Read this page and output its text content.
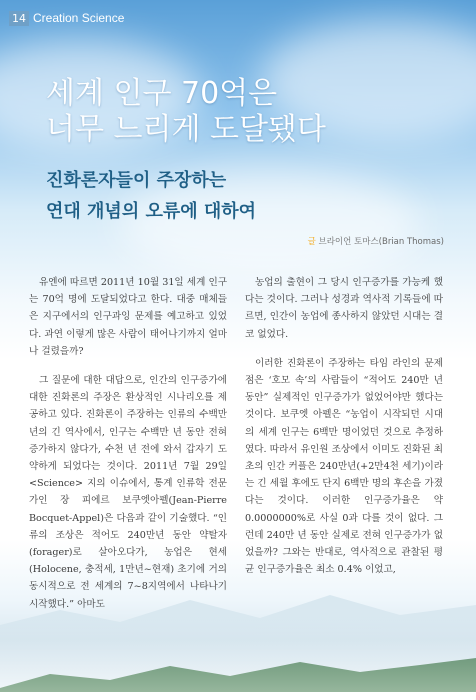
14 Creation Science
세계 인구 70억은
너무 느리게 도달됐다
진화론자들이 주장하는
연대 개념의 오류에 대하여
글 브라이언 토마스(Brian Thomas)

유엔에 따르면 2011년 10월 31일 세계 인구는 70억 명에 도달되었다고 한다. 대중 매체들은 지구에서의 인구과잉 문제를 예고하고 있었다. 과연 이렇게 많은 사람이 태어나기까지 얼마나 걸렸을까?

그 질문에 대한 대답으로, 인간의 인구증가에 대한 진화론의 주장은 환상적인 시나리오를 제공하고 있다. 진화론이 주장하는 인류의 수백만 년의 긴 역사에서, 인구는 수백만 년 동안 전혀 증가하지 않다가, 수천 년 전에 와서 갑자기 도약하게 되었다는 것이다. 2011년 7월 29일 <Science> 지의 이슈에서, 통계 인류학 전문가인 장 피에르 보쿠엣아펠(Jean-Pierre Bocquet-Appel)은 다음과 같이 기술했다. “인류의 조상은 적어도 240만년 동안 약탈자(forager)로 살아오다가, 농업은 현세(Holocene, 충적세, 1만년~현재) 초기에 거의 동시적으로 전 세계의 7~8지역에서 나타나기 시작했다.” 아마도

농업의 출현이 그 당시 인구증가를 가능케 했다는 것이다. 그러나 성경과 역사적 기록들에 따르면, 인간이 농업에 종사하지 않았던 시대는 결코 없었다.

이러한 진화론이 주장하는 타임 라인의 문제점은 ‘호모 속’의 사람들이 “적어도 240만 년 동안” 실제적인 인구증가가 없었어야만 했다는 것이다. 보쿠엣 아펠은 “농업이 시작되던 시대의 세계 인구는 6백만 명이었던 것으로 추정하였다. 따라서 유인원 조상에서 이미도 진화된 최초의 인간 커플은 240만년(+2만4천 세기)이라는 긴 세월 후에도 단지 6백만 명의 후손을 가졌다는 것이다. 이러한 인구증가율은 약 0.0000000%로 사실 0과 다를 것이 없다. 그런데 240만 년 동안 실제로 전혀 인구증가가 없었을까? 그와는 반대로, 역사적으로 관찰된 평균 인구증가율은 최소 0.4% 이었고,
